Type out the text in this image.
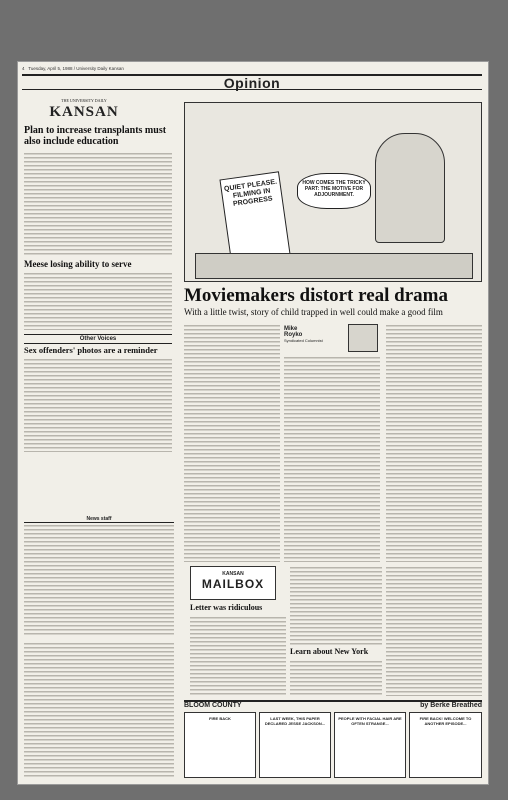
4 Tuesday, April 5, 1988 / University Daily Kansan
Opinion
THE UNIVERSITY DAILY
KANSAN
Plan to increase transplants must also include education
Meese losing ability to serve
Other Voices
Sex offenders' photos are a reminder
News staff
QUIET PLEASE. FILMING IN PROGRESS
HOW COMES THE TRICKY PART: THE MOTIVE FOR ADJOURNMENT.
Moviemakers distort real drama
With a little twist, story of child trapped in well could make a good film
Mike
Royko
Syndicated Columnist
KANSAN
MAILBOX
Letter was ridiculous
Learn about New York
BLOOM COUNTY	by Berke Breathed
FIRE BACK	LAST WEEK, THIS PAPER DECLARED JESSE JACKSON...
PEOPLE WITH FACIAL HAIR ARE OFTEN STRANGE...
FIRE BACK! WELCOME TO ANOTHER EPISODE...
